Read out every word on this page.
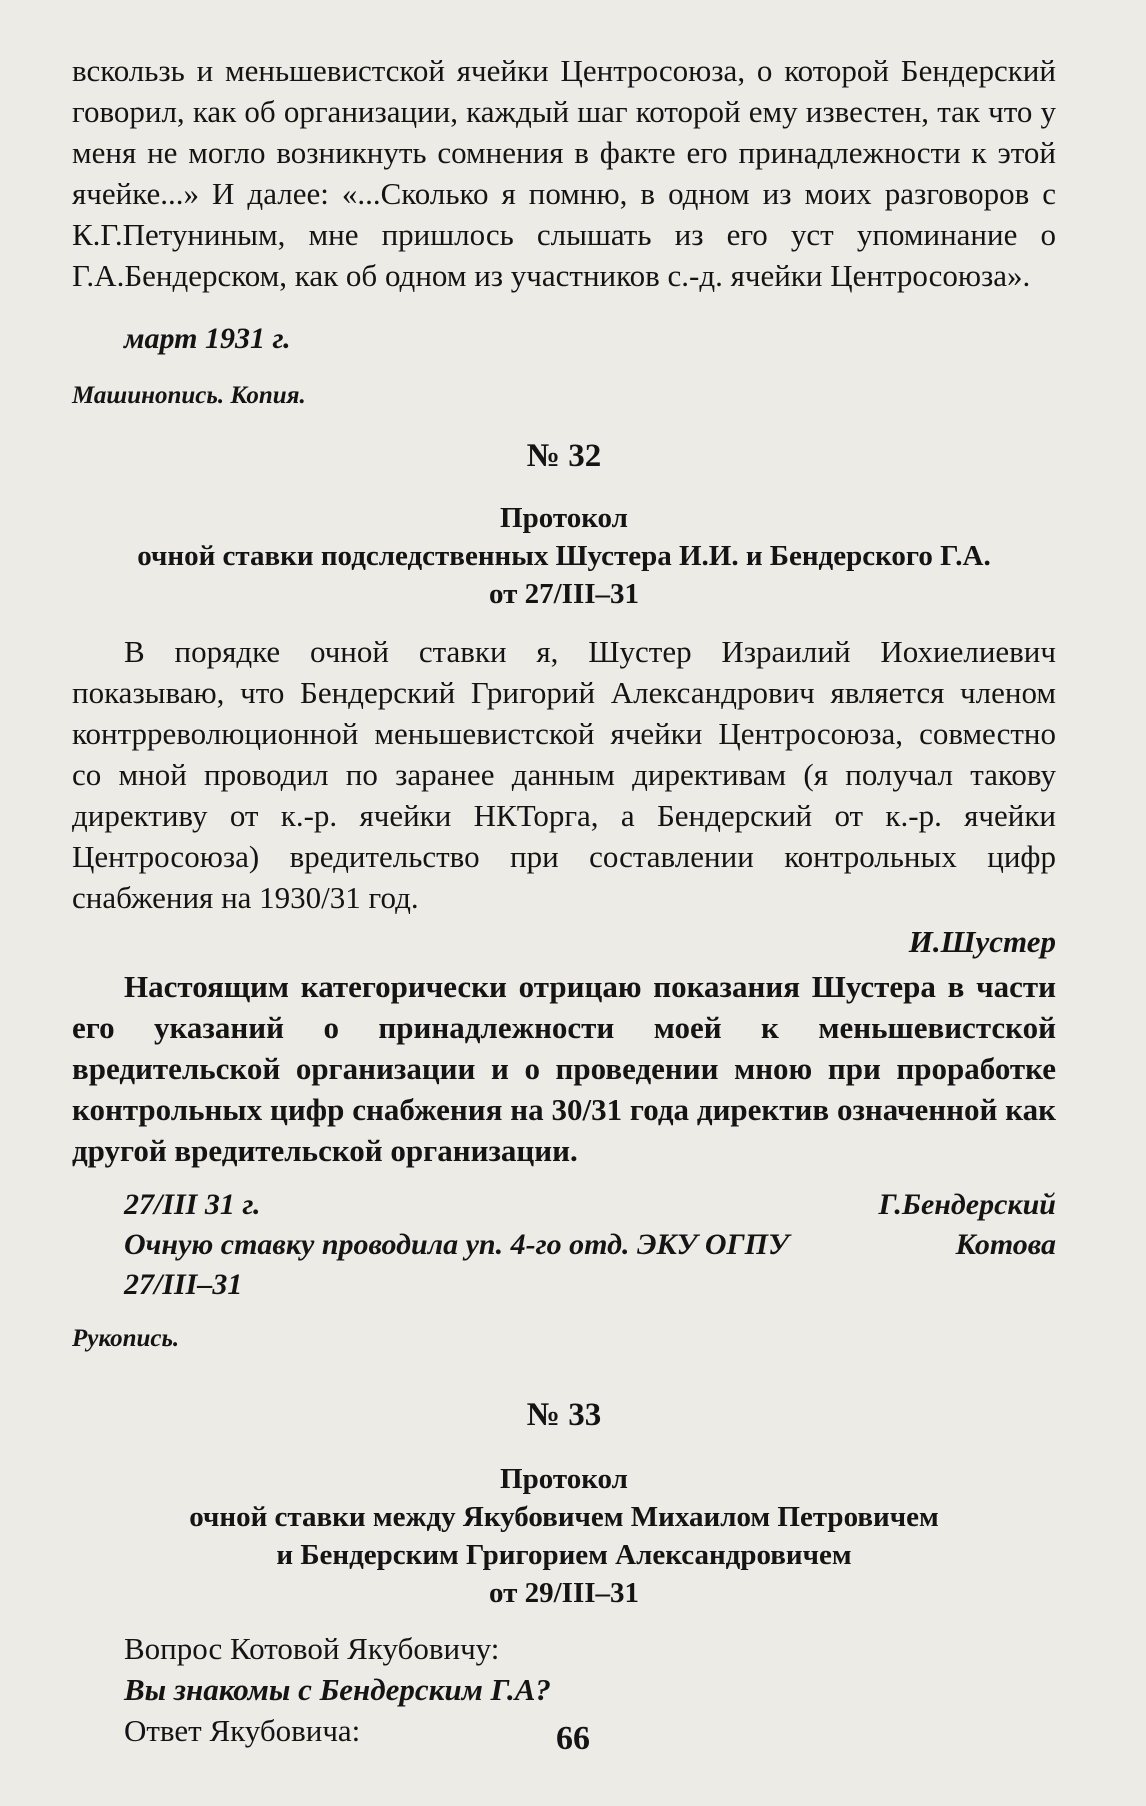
вскользь и меньшевистской ячейки Центросоюза, о которой Бендерский говорил, как об организации, каждый шаг которой ему известен, так что у меня не могло возникнуть сомнения в факте его принадлежности к этой ячейке...» И далее: «...Сколько я помню, в одном из моих разговоров с К.Г.Петуниным, мне пришлось слышать из его уст упоминание о Г.А.Бендерском, как об одном из участников с.-д. ячейки Центросоюза».

март 1931 г.

Машинопись. Копия.

№ 32

Протокол
очной ставки подследственных Шустера И.И. и Бендерского Г.А.
от 27/III–31

В порядке очной ставки я, Шустер Израилий Иохиелиевич показываю, что Бендерский Григорий Александрович является членом контрреволюционной меньшевистской ячейки Центросоюза, совместно со мной проводил по заранее данным директивам (я получал такову директиву от к.-р. ячейки НКТорга, а Бендерский от к.-р. ячейки Центросоюза) вредительство при составлении контрольных цифр снабжения на 1930/31 год.

И.Шустер

Настоящим категорически отрицаю показания Шустера в части его указаний о принадлежности моей к меньшевистской вредительской организации и о проведении мною при проработке контрольных цифр снабжения на 30/31 года директив означенной как другой вредительской организации.

27/III 31 г.	Г.Бендерский
Очную ставку проводила уп. 4-го отд. ЭКУ ОГПУ	Котова
27/III–31

Рукопись.

№ 33

Протокол
очной ставки между Якубовичем Михаилом Петровичем
и Бендерским Григорием Александровичем
от 29/III–31

Вопрос Котовой Якубовичу:

Вы знакомы с Бендерским Г.А?

Ответ Якубовича:	66
